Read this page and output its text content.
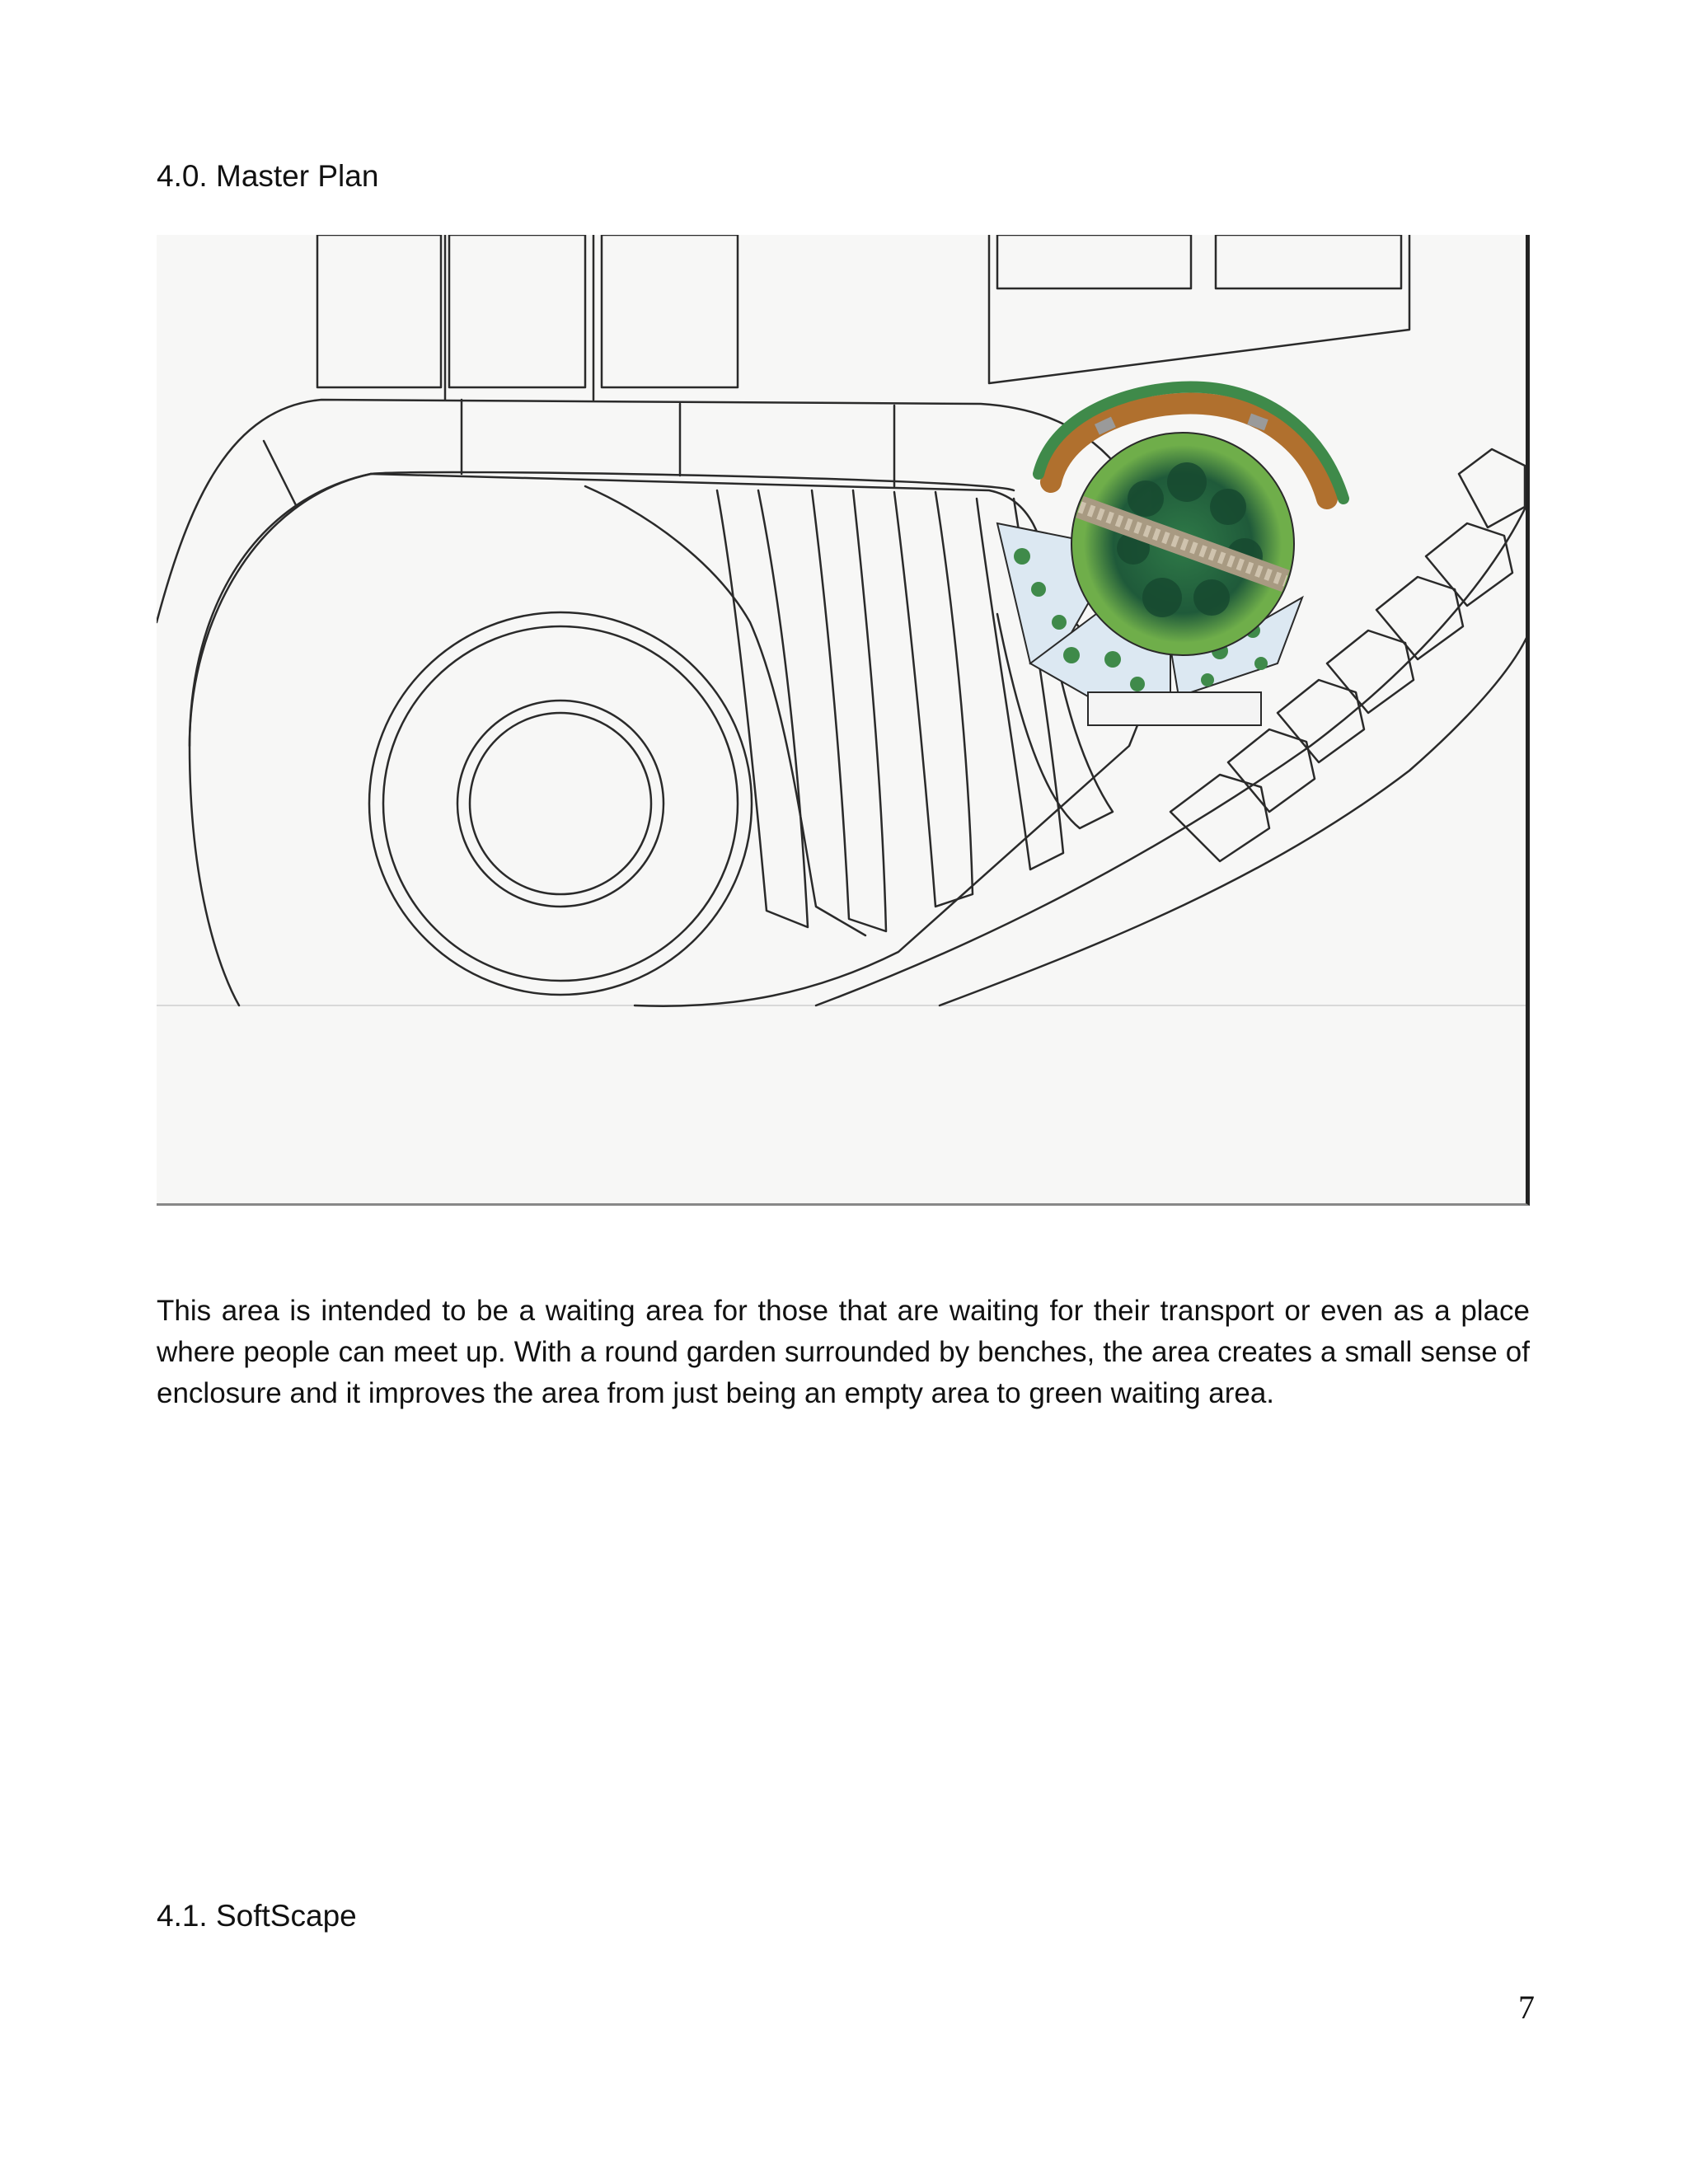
4.0. Master Plan

This area is intended to be a waiting area for those that are waiting for their transport or even as a place where people can meet up. With a round garden surrounded by benches, the area creates a small sense of enclosure and it improves the area from just being an empty area to green waiting area.

4.1. SoftScape

7
